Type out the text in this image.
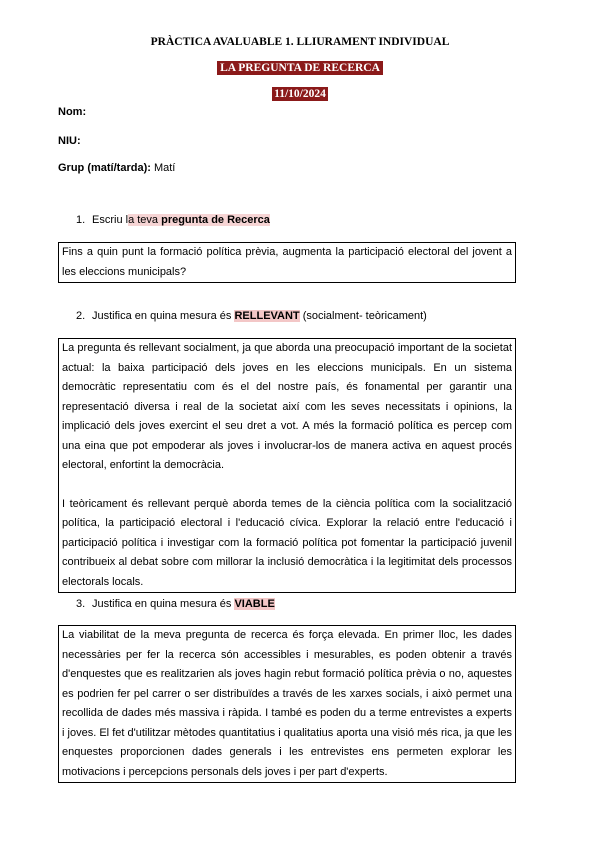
PRÀCTICA AVALUABLE 1. LLIURAMENT INDIVIDUAL
LA PREGUNTA DE RECERCA
11/10/2024
Nom:
NIU:
Grup (matí/tarda): Matí
1. Escriu la teva pregunta de Recerca

Fins a quin punt la formació política prèvia, augmenta la participació electoral del jovent a les eleccions municipals?

2. Justifica en quina mesura és RELLEVANT (socialment- teòricament)

La pregunta és rellevant socialment, ja que aborda una preocupació important de la societat actual: la baixa participació dels joves en les eleccions municipals. En un sistema democràtic representatiu com és el del nostre país, és fonamental per garantir una representació diversa i real de la societat així com les seves necessitats i opinions, la implicació dels joves exercint el seu dret a vot. A més la formació política es percep com una eina que pot empoderar als joves i involucrar-los de manera activa en aquest procés electoral, enfortint la democràcia.

I teòricament és rellevant perquè aborda temes de la ciència política com la socialització política, la participació electoral i l'educació cívica. Explorar la relació entre l'educació i participació política i investigar com la formació política pot fomentar la participació juvenil contribueix al debat sobre com millorar la inclusió democràtica i la legitimitat dels processos electorals locals.

3. Justifica en quina mesura és VIABLE

La viabilitat de la meva pregunta de recerca és força elevada. En primer lloc, les dades necessàries per fer la recerca són accessibles i mesurables, es poden obtenir a través d'enquestes que es realitzarien als joves hagin rebut formació política prèvia o no, aquestes es podrien fer pel carrer o ser distribuïdes a través de les xarxes socials, i això permet una recollida de dades més massiva i ràpida. I també es poden du a terme entrevistes a experts i joves. El fet d'utilitzar mètodes quantitatius i qualitatius aporta una visió més rica, ja que les enquestes proporcionen dades generals i les entrevistes ens permeten explorar les motivacions i percepcions personals dels joves i per part d'experts.
